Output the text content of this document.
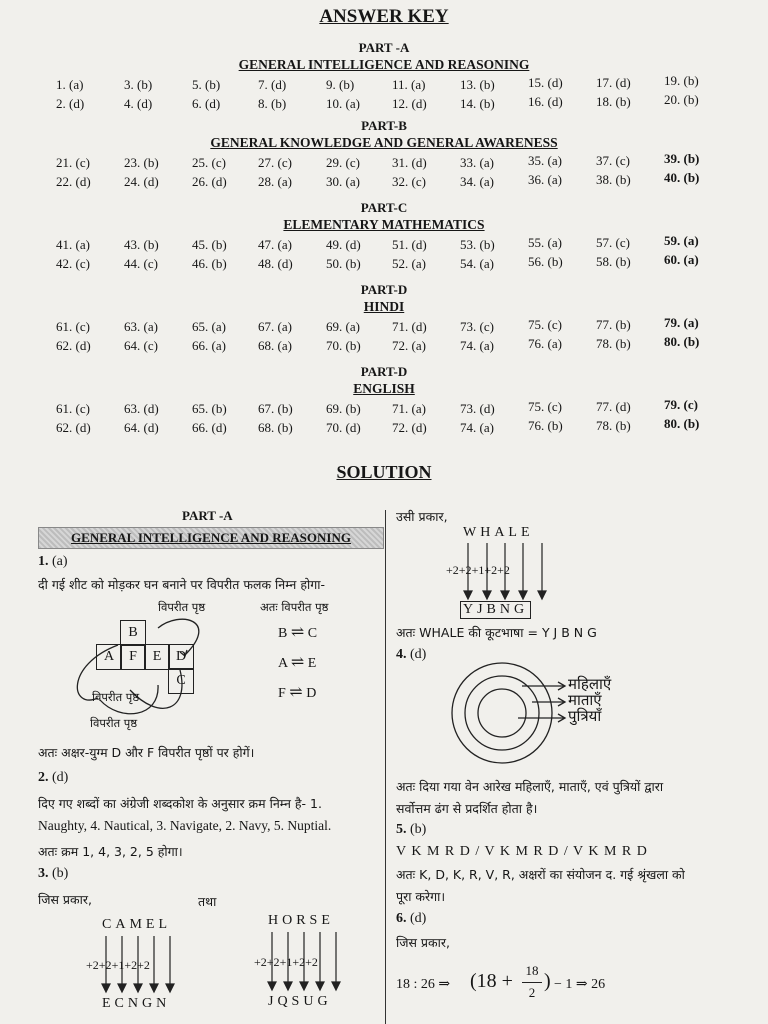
ANSWER KEY
PART -A
GENERAL INTELLIGENCE AND REASONING
1. (a)	3. (b)	5. (b)	7. (d)	9. (b)	11. (a)	13. (b)	15. (d)	17. (d)	19. (b)
2. (d)	4. (d)	6. (d)	8. (b)	10. (a) 12. (d)	14. (b)	16. (d)	18. (b)	20. (b)
PART-B
GENERAL KNOWLEDGE AND GENERAL AWARENESS
21. (c)	23. (b)	25. (c) 27. (c)	29. (c) 31. (d)	33. (a)	35. (a)	37. (c)	39. (b)
22. (d)	24. (d)	26. (d) 28. (a)	30. (a) 32. (c)	34. (a)	36. (a)	38. (b)	40. (b)
PART-C
ELEMENTARY MATHEMATICS
41. (a)	43. (b)	45. (b) 47. (a)	49. (d) 51. (d)	53. (b)	55. (a)	57. (c)	59. (a)
42. (c)	44. (c)	46. (b) 48. (d)	50. (b) 52. (a)	54. (a)	56. (b)	58. (b)	60. (a)
PART-D
HINDI
61. (c)	63. (a)	65. (a) 67. (a)	69. (a) 71. (d)	73. (c)	75. (c)	77. (b)	79. (a)
62. (d)	64. (c)	66. (a) 68. (a)	70. (b) 72. (a)	74. (a)	76. (a)	78. (b)	80. (b)
PART-D
ENGLISH
61. (c)	63. (d)	65. (b) 67. (b)	69. (b) 71. (a)	73. (d)	75. (c)	77. (d)	79. (c)
62. (d)	64. (d)	66. (d) 68. (b)	70. (d) 72. (d)	74. (a)	76. (b)	78. (b)	80. (b)
SOLUTION
PART -A
GENERAL INTELLIGENCE AND REASONING
1. (a)
दी गई शीट को मोड़कर घन बनाने पर विपरीत फलक निम्न होगा-
विपरीत पृष्ठ	अतः विपरीत पृष्ठ
B
A	F	E	D
C
विपरीत पृष्ठ
विपरीत पृष्ठ
B ⇌ C
A ⇌ E
F ⇌ D
अतः अक्षर-युग्म D और F विपरीत पृष्ठों पर होगें।
2. (d)
दिए गए शब्दों का अंग्रेजी शब्दकोश के अनुसार क्रम निम्न है- 1.
Naughty, 4. Nautical, 3. Navigate, 2. Navy, 5. Nuptial.
अतः क्रम 1, 4, 3, 2, 5 होगा।
3. (b)
जिस प्रकार,	तथा
CAMEL
+2+2+1+2+2
ECNGN
HORSE
+2+2+1+2+2
JQSUG
उसी प्रकार,
WHALE
+2+2+1+2+2
YJBNG
अतः WHALE की कूटभाषा = Y J B N G
4. (d)
महिलाएँ
माताएँ
पुत्रियाँ
अतः दिया गया वेन आरेख महिलाएँ, माताएँ, एवं पुत्रियों द्वारा
सर्वोत्तम ढंग से प्रदर्शित होता है।
5. (b)
V K M R D / V K M R D / V K M R D
अतः K, D, K, R, V, R, अक्षरों का संयोजन द. गई श्रृंखला को
पूरा करेगा।
6. (d)
जिस प्रकार,
18 : 26 ⇒ (18 + 18
2
) − 1 ⇒ 26
